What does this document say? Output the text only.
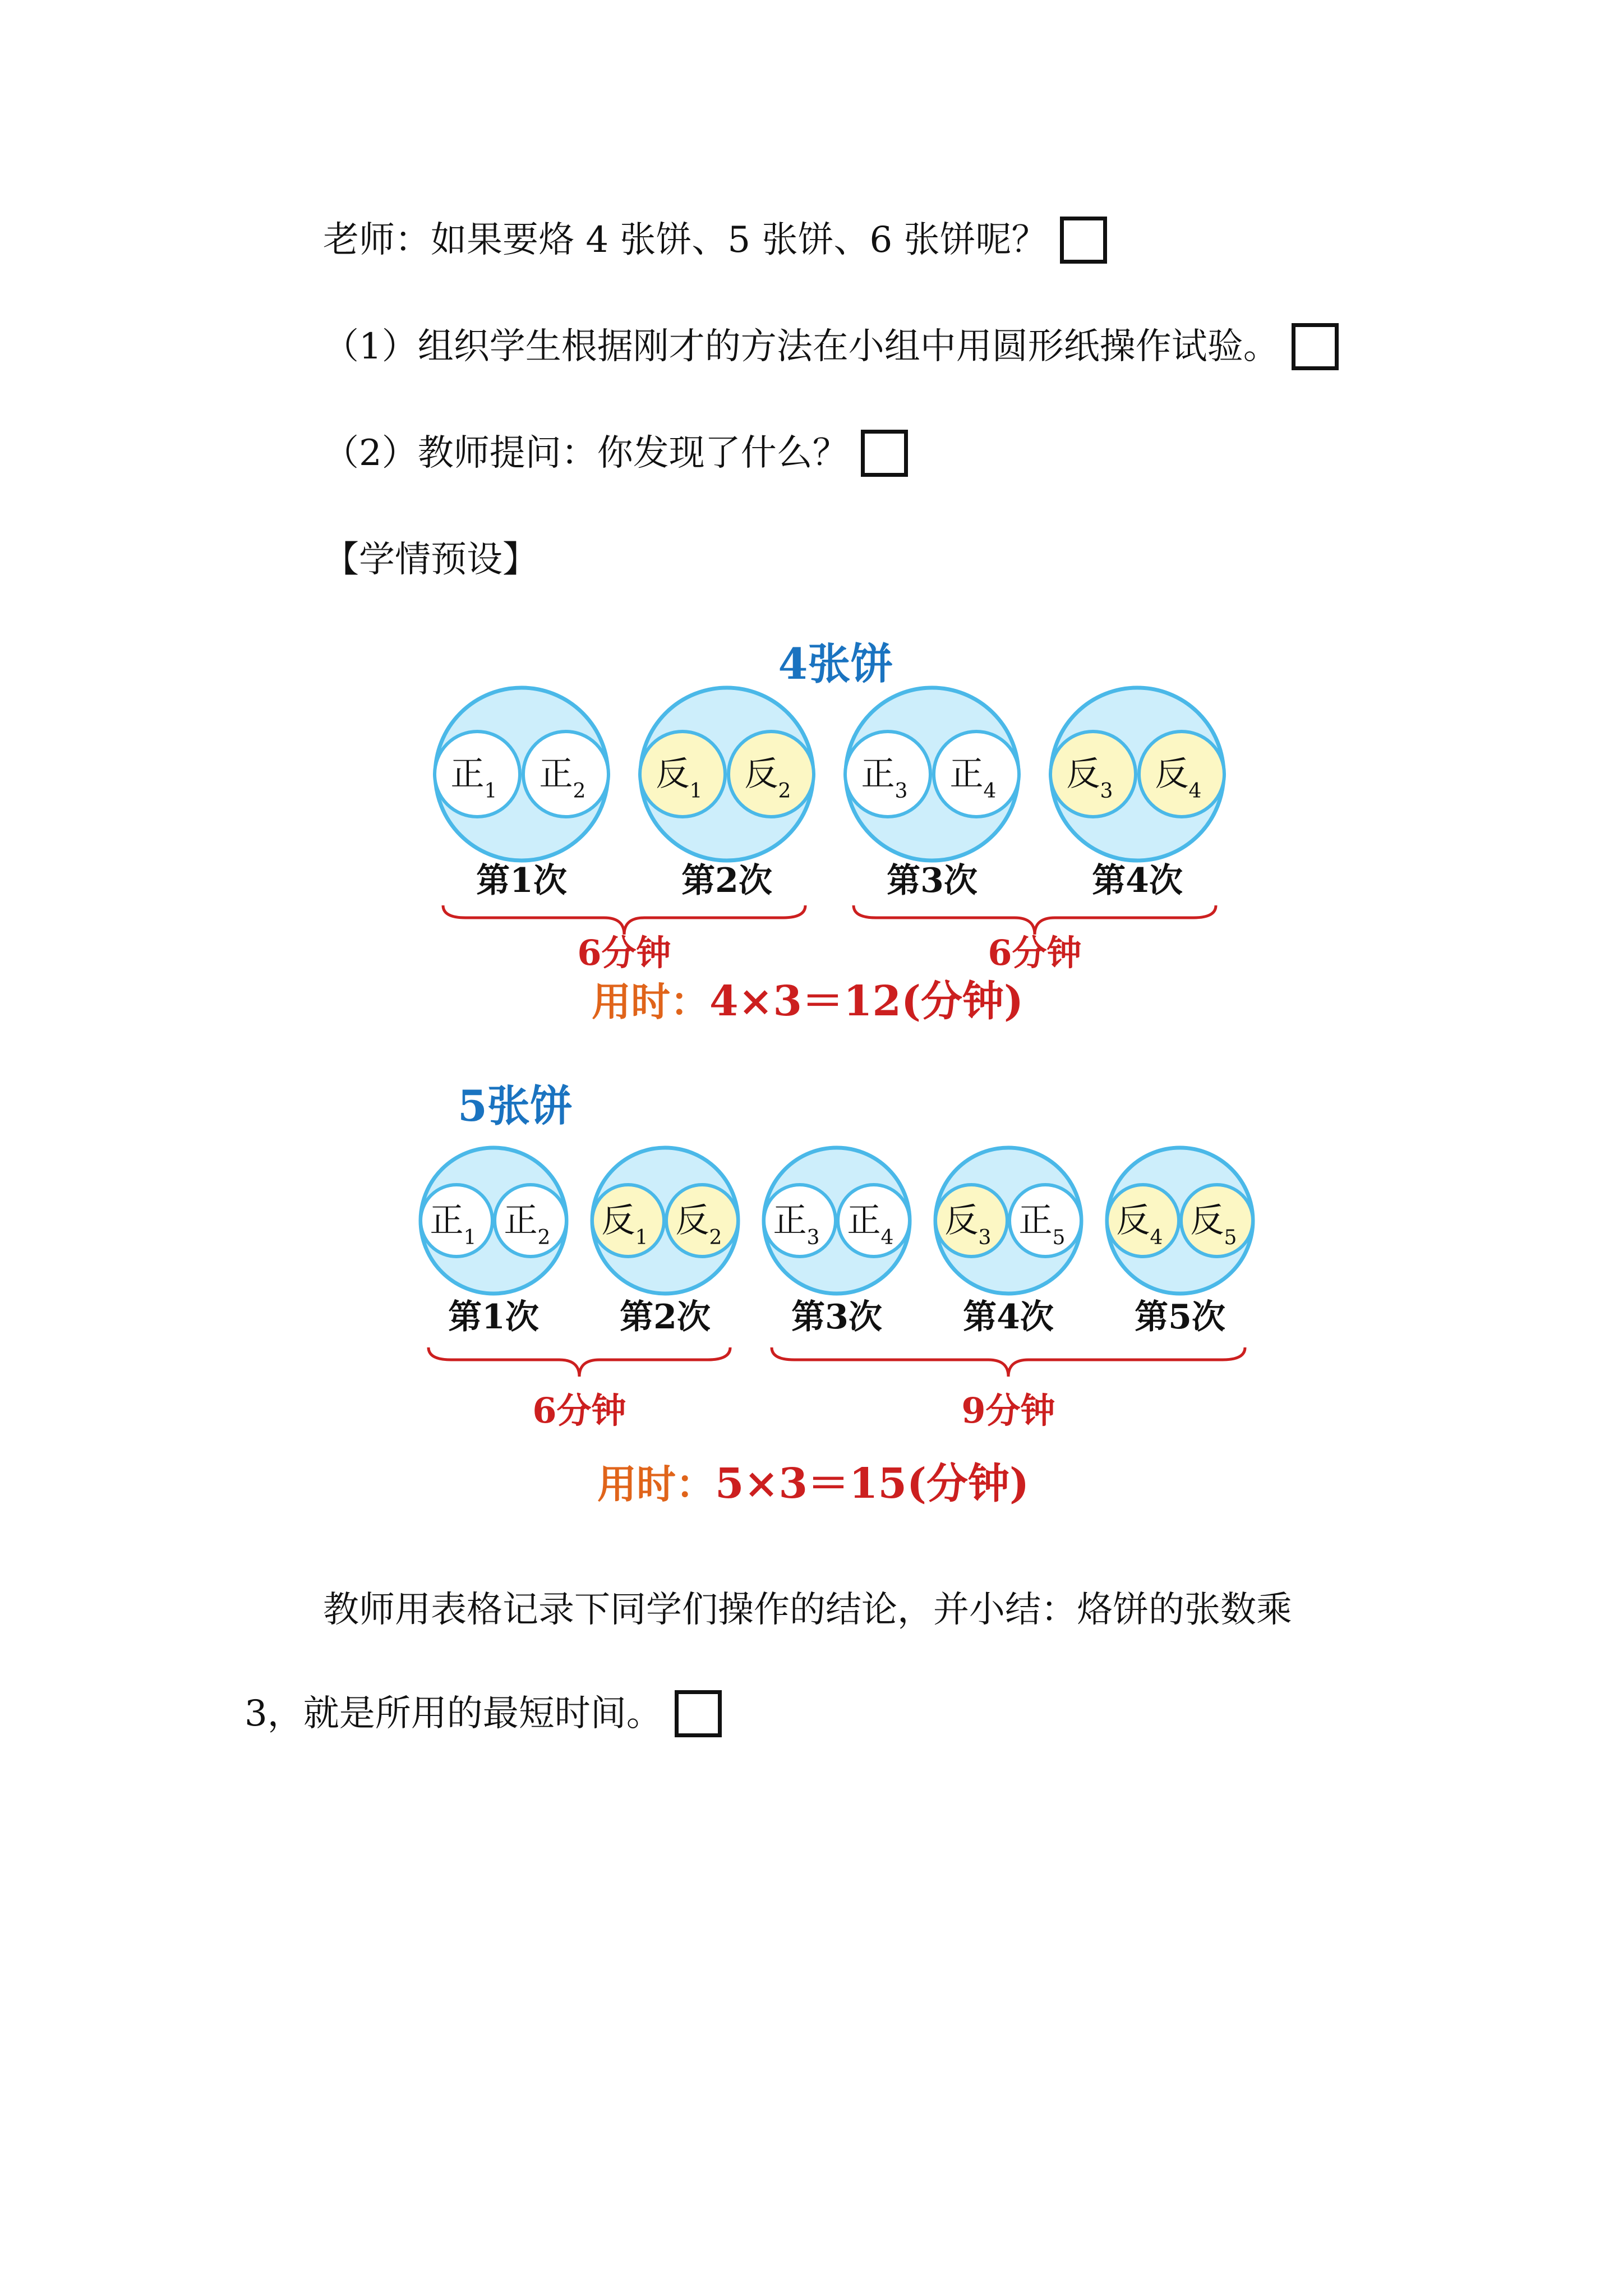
老师：如果要烙 4 张饼、5 张饼、6 张饼呢？
（1）组织学生根据刚才的方法在小组中用圆形纸操作试验。
（2）教师提问：你发现了什么？
【学情预设】
4张饼
正$_1$ 正$_2$
第1次
反$_1$ 反$_2$
第2次
正$_3$ 正$_4$
第3次
反$_3$ 反$_4$
第4次
6分钟	6分钟
用时：4×3＝12(分钟)
5张饼
正$_1$ 正$_2$
第1次
反$_1$ 反$_2$
第2次
正$_3$ 正$_4$
第3次
反$_3$ 正$_5$
第4次
反$_4$ 反$_5$
第5次
6分钟	9分钟
用时：5×3＝15(分钟)
教师用表格记录下同学们操作的结论，并小结：烙饼的张数乘
3，就是所用的最短时间。
